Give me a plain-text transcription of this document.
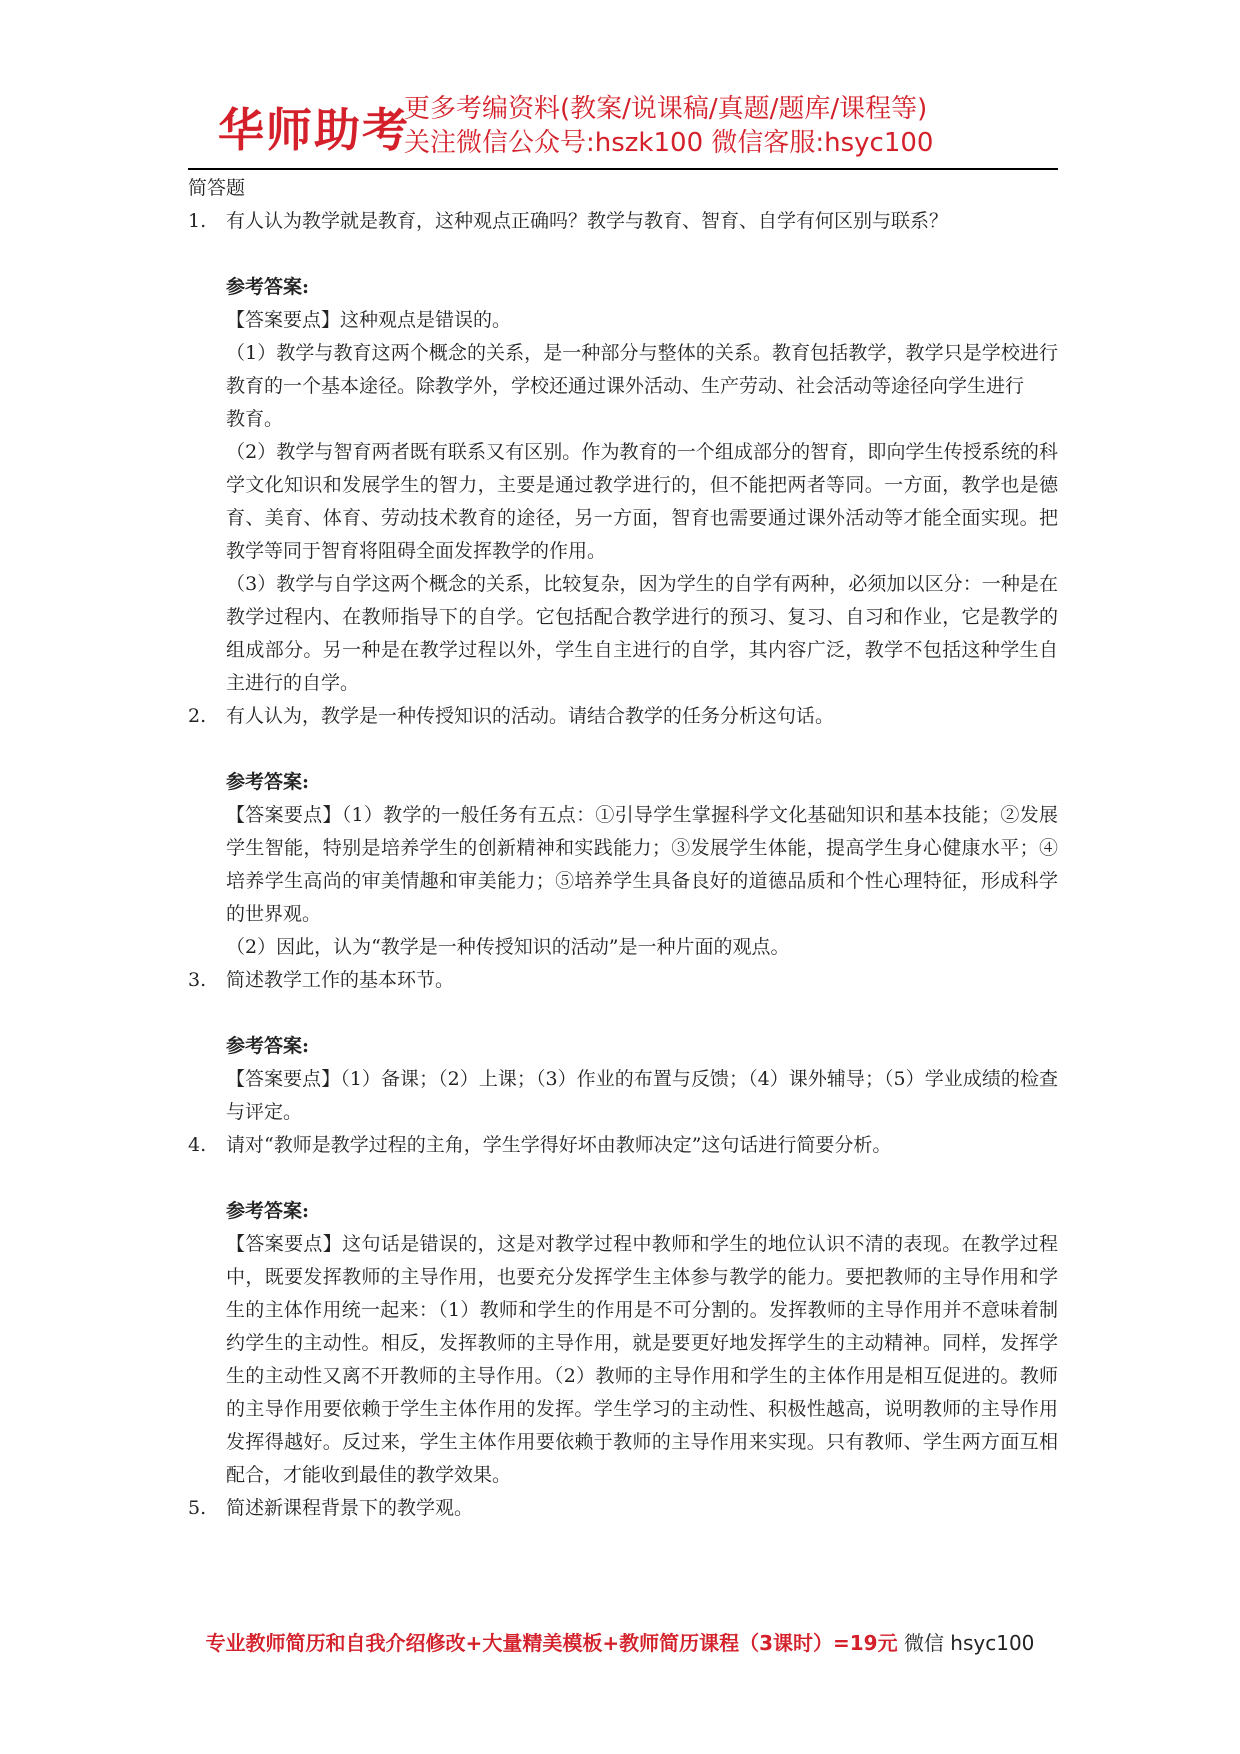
华师助考
更多考编资料(教案/说课稿/真题/题库/课程等)
关注微信公众号:hszk100 微信客服:hsyc100
简答题
1. 有人认为教学就是教育，这种观点正确吗？教学与教育、智育、自学有何区别与联系？
参考答案:

【答案要点】这种观点是错误的。

（1）教学与教育这两个概念的关系，是一种部分与整体的关系。教育包括教学，教学只是学校进行教育的一个基本途径。除教学外，学校还通过课外活动、生产劳动、社会活动等途径向学生进行

教育。

（2）教学与智育两者既有联系又有区别。作为教育的一个组成部分的智育，即向学生传授系统的科学文化知识和发展学生的智力，主要是通过教学进行的，但不能把两者等同。一方面，教学也是德育、美育、体育、劳动技术教育的途径，另一方面，智育也需要通过课外活动等才能全面实现。把教学等同于智育将阻碍全面发挥教学的作用。

（3）教学与自学这两个概念的关系，比较复杂，因为学生的自学有两种，必须加以区分：一种是在教学过程内、在教师指导下的自学。它包括配合教学进行的预习、复习、自习和作业，它是教学的组成部分。另一种是在教学过程以外，学生自主进行的自学，其内容广泛，教学不包括这种学生自主进行的自学。

2. 有人认为，教学是一种传授知识的活动。请结合教学的任务分析这句话。
参考答案:

【答案要点】（1）教学的一般任务有五点：①引导学生掌握科学文化基础知识和基本技能；②发展学生智能，特别是培养学生的创新精神和实践能力；③发展学生体能，提高学生身心健康水平；④培养学生高尚的审美情趣和审美能力；⑤培养学生具备良好的道德品质和个性心理特征，形成科学的世界观。

（2）因此，认为“教学是一种传授知识的活动”是一种片面的观点。

3. 简述教学工作的基本环节。
参考答案:

【答案要点】（1）备课；（2）上课；（3）作业的布置与反馈；（4）课外辅导；（5）学业成绩的检查与评定。

4. 请对“教师是教学过程的主角，学生学得好坏由教师决定”这句话进行简要分析。
参考答案:

【答案要点】这句话是错误的，这是对教学过程中教师和学生的地位认识不清的表现。在教学过程中，既要发挥教师的主导作用，也要充分发挥学生主体参与教学的能力。要把教师的主导作用和学生的主体作用统一起来：（1）教师和学生的作用是不可分割的。发挥教师的主导作用并不意味着制约学生的主动性。相反，发挥教师的主导作用，就是要更好地发挥学生的主动精神。同样，发挥学生的主动性又离不开教师的主导作用。（2）教师的主导作用和学生的主体作用是相互促进的。教师的主导作用要依赖于学生主体作用的发挥。学生学习的主动性、积极性越高，说明教师的主导作用发挥得越好。反过来，学生主体作用要依赖于教师的主导作用来实现。只有教师、学生两方面互相配合，才能收到最佳的教学效果。

5. 简述新课程背景下的教学观。
专业教师简历和自我介绍修改+大量精美模板+教师简历课程（3课时）=19元 微信 hsyc100
